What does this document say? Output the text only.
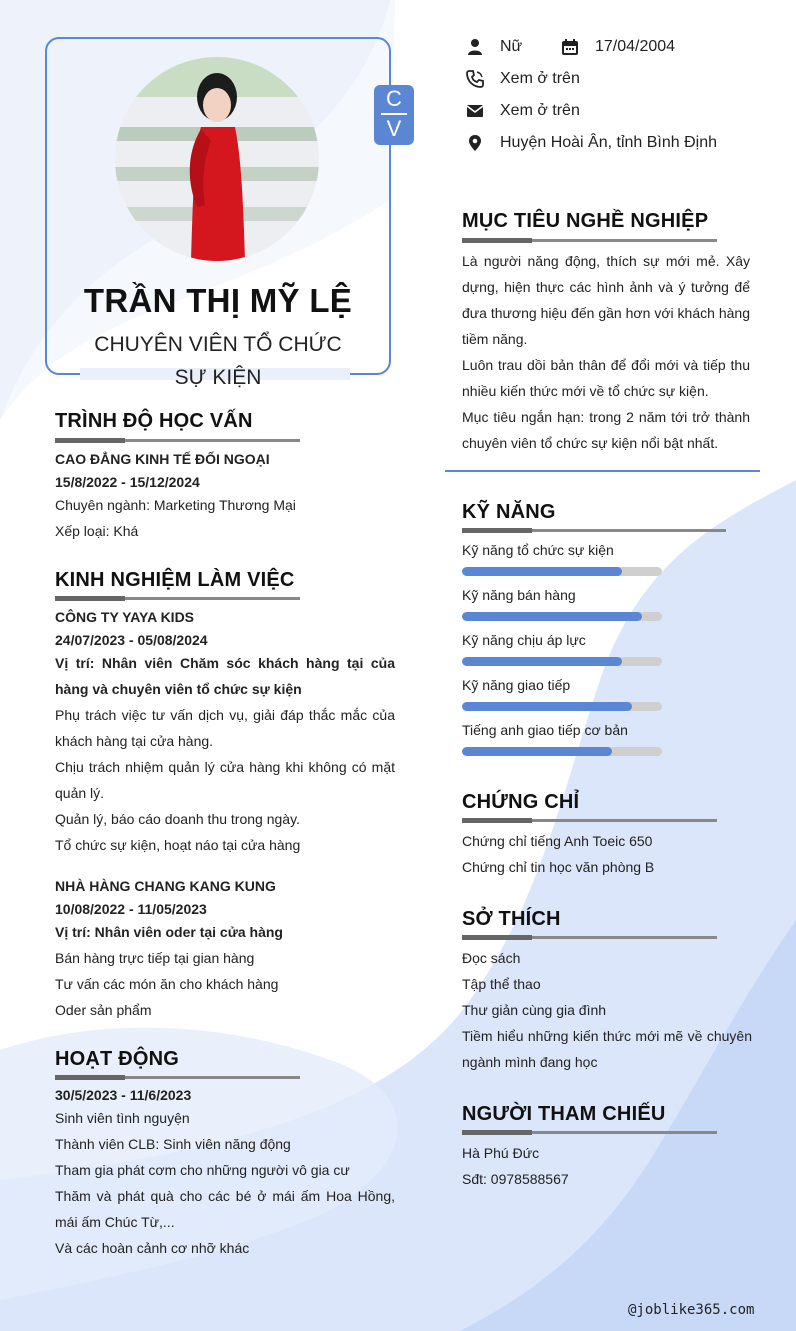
C
V
TRẦN THỊ MỸ LỆ
CHUYÊN VIÊN TỔ CHỨC
SỰ KIỆN
Nữ	17/04/2004
Xem ở trên
Xem ở trên
Huyện Hoài Ân, tỉnh Bình Định
TRÌNH ĐỘ HỌC VẤN
CAO ĐẲNG KINH TẾ ĐỐI NGOẠI
15/8/2022 - 15/12/2024
Chuyên ngành: Marketing Thương Mại
Xếp loại: Khá
KINH NGHIỆM LÀM VIỆC
CÔNG TY YAYA KIDS
24/07/2023 - 05/08/2024
Vị trí: Nhân viên Chăm sóc khách hàng tại của hàng và chuyên viên tổ chức sự kiện
Phụ trách việc tư vấn dịch vụ, giải đáp thắc mắc của khách hàng tại cửa hàng.
Chịu trách nhiệm quản lý cửa hàng khi không có mặt quản lý.
Quản lý, báo cáo doanh thu trong ngày.
Tổ chức sự kiện, hoạt náo tại cửa hàng
NHÀ HÀNG CHANG KANG KUNG
10/08/2022 - 11/05/2023
Vị trí: Nhân viên oder tại cửa hàng
Bán hàng trực tiếp tại gian hàng
Tư vấn các món ăn cho khách hàng
Oder sản phẩm
HOẠT ĐỘNG
30/5/2023 - 11/6/2023
Sinh viên tình nguyện
Thành viên CLB: Sinh viên năng động
Tham gia phát cơm cho những người vô gia cư
Thăm và phát quà cho các bé ở mái ấm Hoa Hồng, mái ấm Chúc Từ,...
Và các hoàn cảnh cơ nhỡ khác
MỤC TIÊU NGHỀ NGHIỆP
Là người năng động, thích sự mới mẻ. Xây dựng, hiện thực các hình ảnh và ý tưởng để đưa thương hiệu đến gần hơn với khách hàng tiềm năng.
Luôn trau dồi bản thân để đổi mới và tiếp thu nhiều kiến thức mới về tổ chức sự kiện.
Mục tiêu ngắn hạn: trong 2 năm tới trở thành chuyên viên tổ chức sự kiện nổi bật nhất.
KỸ NĂNG
Kỹ năng tổ chức sự kiện
Kỹ năng bán hàng
Kỹ năng chịu áp lực
Kỹ năng giao tiếp
Tiếng anh giao tiếp cơ bản
CHỨNG CHỈ
Chứng chỉ tiếng Anh Toeic 650
Chứng chỉ tin học văn phòng B
SỞ THÍCH
Đọc sách
Tập thể thao
Thư giản cùng gia đình
Tiềm hiểu những kiến thức mới mẽ về chuyên ngành mình đang học
NGƯỜI THAM CHIẾU
Hà Phú Đức
Sđt: 0978588567
@joblike365.com
